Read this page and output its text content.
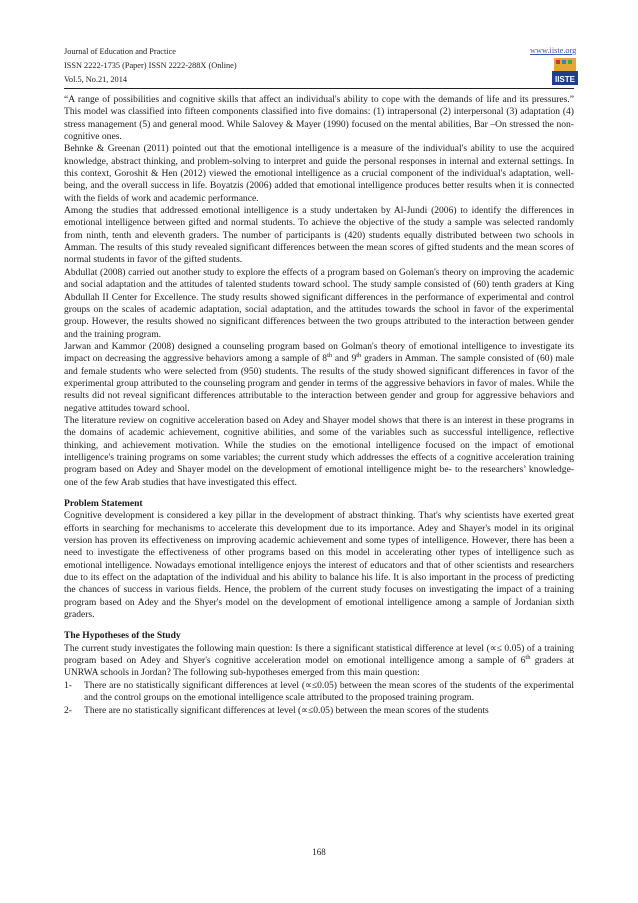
Journal of Education and Practice
ISSN 2222-1735 (Paper) ISSN 2222-288X (Online)
Vol.5, No.21, 2014
www.iiste.org
IISTE

“A range of possibilities and cognitive skills that affect an individual's ability to cope with the demands of life and its pressures.” This model was classified into fifteen components classified into five domains: (1) intrapersonal (2) interpersonal (3) adaptation (4) stress management (5) and general mood. While Salovey & Mayer (1990) focused on the mental abilities, Bar –On stressed the non-cognitive ones.

Behnke & Greenan (2011) pointed out that the emotional intelligence is a measure of the individual's ability to use the acquired knowledge, abstract thinking, and problem-solving to interpret and guide the personal responses in internal and external settings. In this context, Goroshit & Hen (2012) viewed the emotional intelligence as a crucial component of the individual's adaptation, well-being, and the overall success in life. Boyatzis (2006) added that emotional intelligence produces better results when it is connected with the fields of work and academic performance.

Among the studies that addressed emotional intelligence is a study undertaken by Al-Jundi (2006) to identify the differences in emotional intelligence between gifted and normal students. To achieve the objective of the study a sample was selected randomly from ninth, tenth and eleventh graders. The number of participants is (420) students equally distributed between two schools in Amman. The results of this study revealed significant differences between the mean scores of gifted students and the mean scores of normal students in favor of the gifted students.

Abdullat (2008) carried out another study to explore the effects of a program based on Goleman's theory on improving the academic and social adaptation and the attitudes of talented students toward school. The study sample consisted of (60) tenth graders at King Abdullah II Center for Excellence. The study results showed significant differences in the performance of experimental and control groups on the scales of academic adaptation, social adaptation, and the attitudes towards the school in favor of the experimental group. However, the results showed no significant differences between the two groups attributed to the interaction between gender and the training program.

Jarwan and Kammor (2008) designed a counseling program based on Golman's theory of emotional intelligence to investigate its impact on decreasing the aggressive behaviors among a sample of 8th and 9th graders in Amman. The sample consisted of (60) male and female students who were selected from (950) students. The results of the study showed significant differences in favor of the experimental group attributed to the counseling program and gender in terms of the aggressive behaviors in favor of males. While the results did not reveal significant differences attributable to the interaction between gender and group for aggressive behaviors and negative attitudes toward school.

The literature review on cognitive acceleration based on Adey and Shayer model shows that there is an interest in these programs in the domains of academic achievement, cognitive abilities, and some of the variables such as successful intelligence, reflective thinking, and achievement motivation. While the studies on the emotional intelligence focused on the impact of emotional intelligence's training programs on some variables; the current study which addresses the effects of a cognitive acceleration training program based on Adey and Shayer model on the development of emotional intelligence might be- to the researchers’ knowledge- one of the few Arab studies that have investigated this effect.

Problem Statement

Cognitive development is considered a key pillar in the development of abstract thinking. That's why scientists have exerted great efforts in searching for mechanisms to accelerate this development due to its importance. Adey and Shayer's model in its original version has proven its effectiveness on improving academic achievement and some types of intelligence. However, there has been a need to investigate the effectiveness of other programs based on this model in accelerating other types of intelligence such as emotional intelligence. Nowadays emotional intelligence enjoys the interest of educators and that of other scientists and researchers due to its effect on the adaptation of the individual and his ability to balance his life. It is also important in the process of predicting the chances of success in various fields. Hence, the problem of the current study focuses on investigating the impact of a training program based on Adey and the Shyer's model on the development of emotional intelligence among a sample of Jordanian sixth graders.

The Hypotheses of the Study

The current study investigates the following main question: Is there a significant statistical difference at level (∝≤ 0.05) of a training program based on Adey and Shyer's cognitive acceleration model on emotional intelligence among a sample of 6th graders at UNRWA schools in Jordan? The following sub-hypotheses emerged from this main question:

1-	There are no statistically significant differences at level (∝≤0.05) between the mean scores of the students of the experimental and the control groups on the emotional intelligence scale attributed to the proposed training program.
2-	There are no statistically significant differences at level (∝≤0.05) between the mean scores of the students
168
